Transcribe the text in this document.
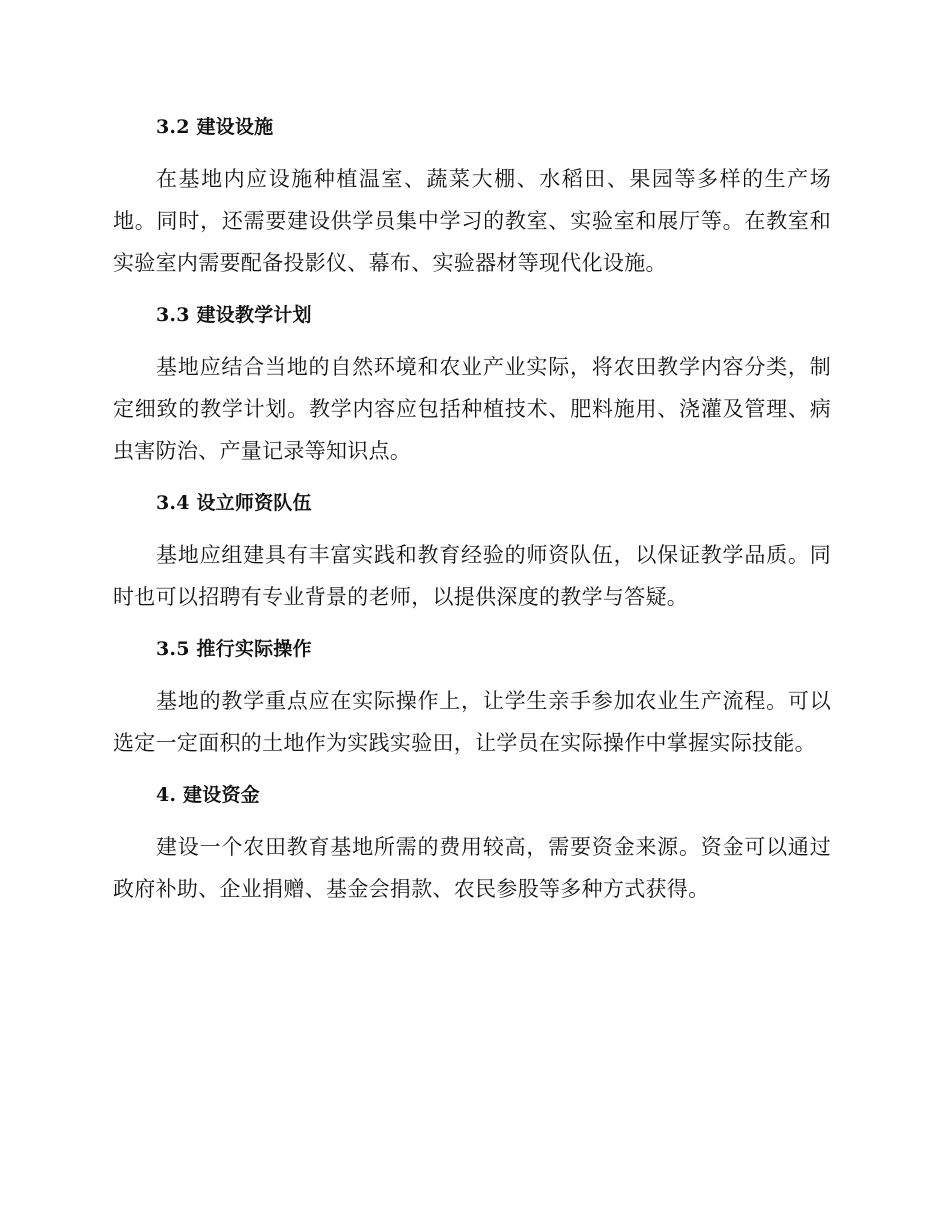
3.2 建设设施

在基地内应设施种植温室、蔬菜大棚、水稻田、果园等多样的生产场地。同时，还需要建设供学员集中学习的教室、实验室和展厅等。在教室和实验室内需要配备投影仪、幕布、实验器材等现代化设施。

3.3 建设教学计划

基地应结合当地的自然环境和农业产业实际，将农田教学内容分类，制定细致的教学计划。教学内容应包括种植技术、肥料施用、浇灌及管理、病虫害防治、产量记录等知识点。

3.4 设立师资队伍

基地应组建具有丰富实践和教育经验的师资队伍，以保证教学品质。同时也可以招聘有专业背景的老师，以提供深度的教学与答疑。

3.5 推行实际操作

基地的教学重点应在实际操作上，让学生亲手参加农业生产流程。可以选定一定面积的土地作为实践实验田，让学员在实际操作中掌握实际技能。

4. 建设资金

建设一个农田教育基地所需的费用较高，需要资金来源。资金可以通过政府补助、企业捐赠、基金会捐款、农民参股等多种方式获得。
